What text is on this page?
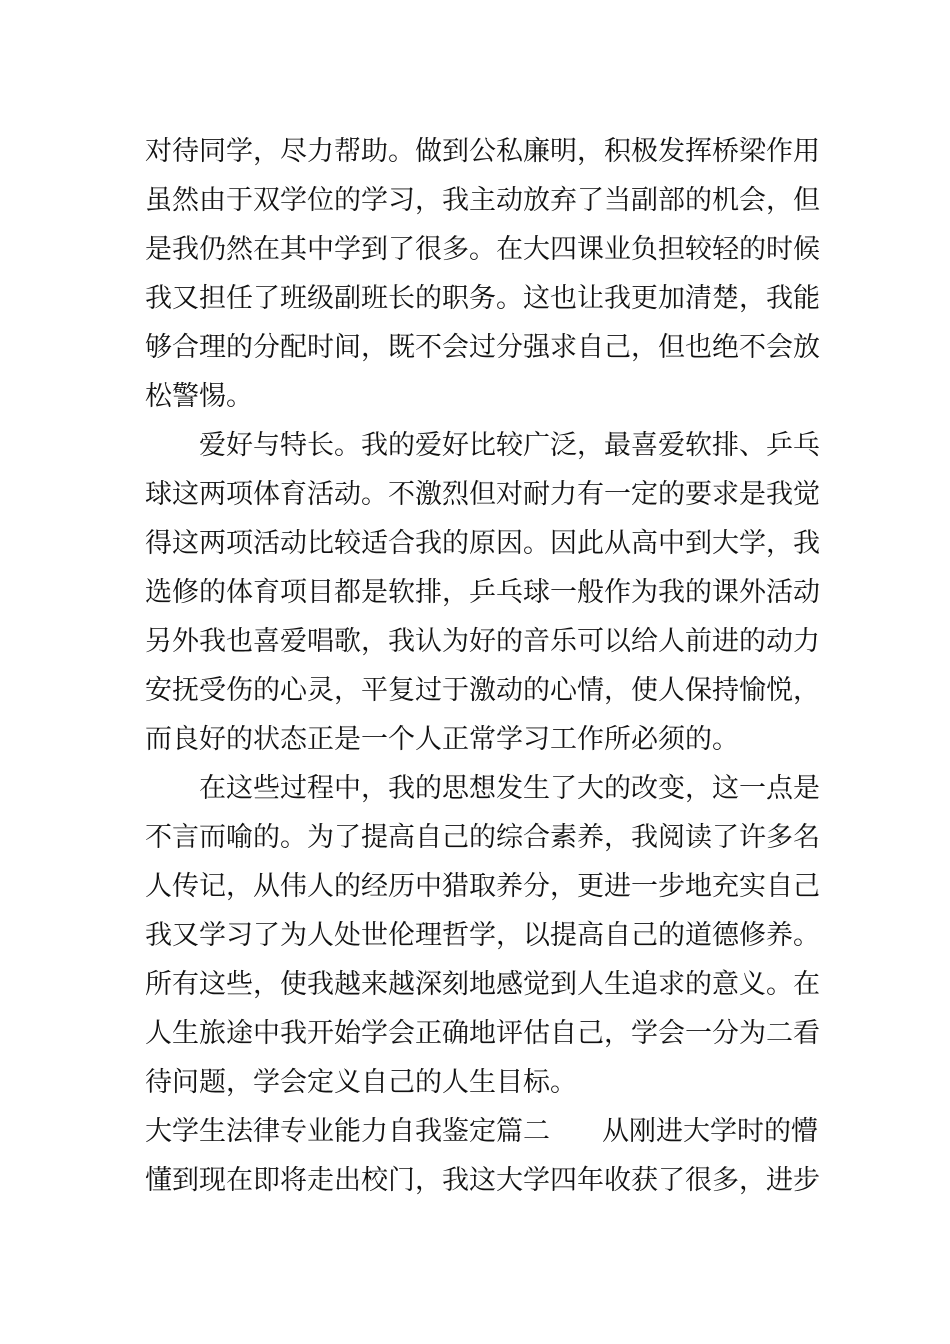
对待同学，尽力帮助。做到公私廉明，积极发挥桥梁作用
虽然由于双学位的学习，我主动放弃了当副部的机会，但
是我仍然在其中学到了很多。在大四课业负担较轻的时候
我又担任了班级副班长的职务。这也让我更加清楚，我能
够合理的分配时间，既不会过分强求自己，但也绝不会放
松警惕。
爱好与特长。我的爱好比较广泛，最喜爱软排、乒乓
球这两项体育活动。不激烈但对耐力有一定的要求是我觉
得这两项活动比较适合我的原因。因此从高中到大学，我
选修的体育项目都是软排，乒乓球一般作为我的课外活动
另外我也喜爱唱歌，我认为好的音乐可以给人前进的动力
安抚受伤的心灵，平复过于激动的心情，使人保持愉悦，
而良好的状态正是一个人正常学习工作所必须的。
在这些过程中，我的思想发生了大的改变，这一点是
不言而喻的。为了提高自己的综合素养，我阅读了许多名
人传记，从伟人的经历中猎取养分，更进一步地充实自己
我又学习了为人处世伦理哲学，以提高自己的道德修养。
所有这些，使我越来越深刻地感觉到人生追求的意义。在
人生旅途中我开始学会正确地评估自己，学会一分为二看
待问题，学会定义自己的人生目标。
大学生法律专业能力自我鉴定篇二 从刚进大学时的懵
懂到现在即将走出校门，我这大学四年收获了很多，进步
